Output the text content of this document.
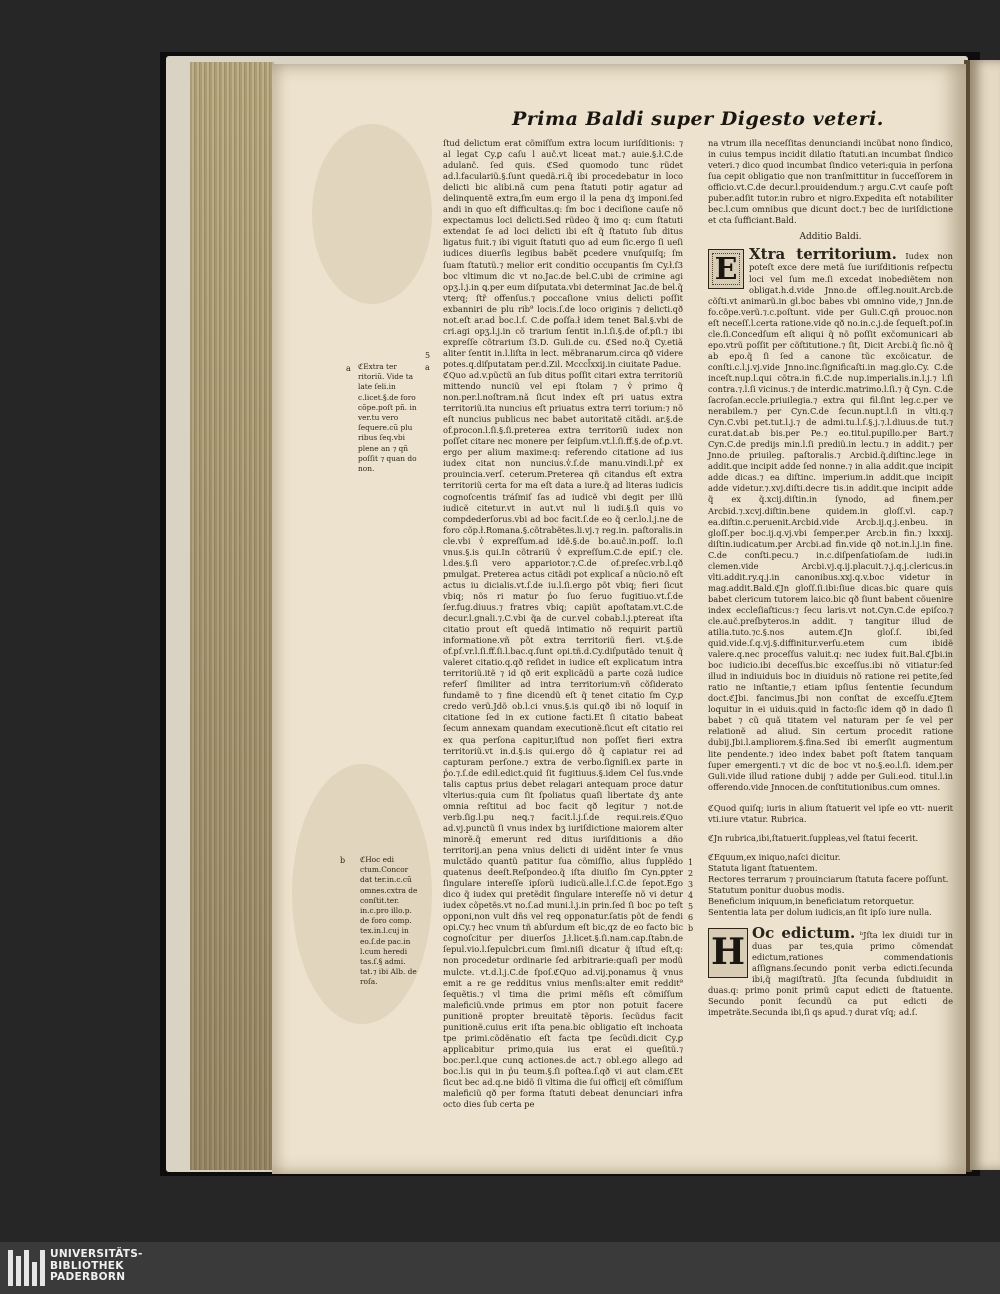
Prima Baldi super Digesto veteri.
a
5
a
ℭExtra ter ritoriũ. Vide ta late ſeli.in c.licet.§.de foro cõpe.poſt pñ. in ver.tu vero ſequere.cũ plu ribus ſeq.vbi plene an ⁊ qñ poſſit ⁊ quan do non.
b ℭHoc edi ctum.Concor dat ter.in.c.cũ omnes.cxtra de conſtit.ter. in.c.pro illo.p. de foro comp. tex.in.l.cuj in eo.ſ.de pac.in l.cum heredi tas.ſ.§ admi. tat.⁊ ibi Alb. de roſa.

ſtud delictum erat cõmiſſum extra locum iuriſditionis: ⁊ al legat Cy.ꝑ caſu l auč.vt liceat mat.⁊ auie.§.ł.C.de adulanč. ſed quis. ℭSed quomodo tunc rũdet ad.l.faculariũ.§.ſunt quedã.ri.q̃ ibi procedebatur in loco delicti bic alibi.nã cum pena ſtatuti potiŗ agatur ad delinquentẽ extra,ſm eum ergo il la pena dʒ imponi.ſed andi in quo eſt difficultas.q: ſm boc i deciſione cauſe nõ expectamus loci delicti.Sed rũdeo q̃ imo q: cum ſtatuti extendat ſe ad loci delicti ibi eſt q̃ ſtatuto ſub ditus ligatus fuit.⁊ ibi viguit ſtatuti quo ad eum ſic.ergo ſi ueſi iudices diuerſis legibus babẽt ꝑcedere vnuſquiſq; ſm ſuam ſtatutũ.⁊ melior erit conditio occupantis ſm Cy.ł.ſ3 boc vltimum dic vt no.Jac.de bel.C.ubi de crimine agi opʒ.l.j.in ꝗ.per eum diſputata.vbi determinat Jac.de bel.q̃ vterq; ſtr̃ offenſus.⁊ ꝑoccaſione vnius delicti poſſit exbanniri de plu rib⁹ locis.ſ.de loco originis ⁊ delicti.qð not.eſt ar.ad boc.l.ſ. C.de ꝑoſſa.ł idem tenet Bal.§.vbi de cri.agi opʒ.l.j.in cõ trarium ſentit in.l.ſi.§.de of.pſi.⁊ ibi expreſſe cõtrarium ſ3.D. Guli.de cu. ℭSed no.q̃ Cy.etiã aliter ſentit in.l.liſta in lect. mẽbranarum.circa qð videre potes.q.diſputatam per.d.Zil. Mcccl̃xxij.in ciuitate Padue.

ℭQuo ad.v.pũctũ an ſub ditus poſſit citari extra territoriũ mittendo nunciũ vel epi ſtolam ⁊ v̾ primo q̃ non.per.l.noſtram.nã ſicut index eſt pri uatus extra territoriũ.ita nuncius eſt priuatus extra terri torium:⁊ nõ eſt nuncius publicus nec babet autoritatẽ citãdi. ar.§.de of.procon.l.ſi.§.ſi.preterea extra territoriũ iudex non poſſet citare nec monere per ſeipſum.vt.l.ſi.ff.§.de of.ꝑ.vt. ergo per alium maxime:q: referendo citatione ad ius iudex citat non nuncius.v̾.ſ.de manu.vindi.l.pr̾ ex prouincia.verſ. ceterum.Preterea qñ citandus eſt extra territoriũ certa for ma eſt data a iure.q̃ ad literas iudicis cognoſcentis tráſmiſ ſas ad iudicẽ vbi degit per illũ iudicẽ citetur.vt in aut.vt nul li iudi.§.ſi quis vo compdederſorus.vbi ad boc facit.ſ.de eo q̃ cer.lo.l.j.ne de foro cõp.ł.Romana.§.cõtrabẽtes.li.vj.⁊ reg.in. paſtoralis.in cle.vbi v̾ expreſſum.ad idẽ.§.de bo.auč.in.poſſ. lo.ſi vnus.§.is qui.In cõtrariũ v̾ expreſſum.C.de epiſ.⁊ cle. l.des.§.ſi vero appariotor.⁊.C.de of.preſec.vrb.l.qð pmulgat. Preterea actus citãdi pot explicaſ a nũcio.nõ eſt actus iu dicialis.vt.ſ.de iu.l.ſi.ergo põt vbiq; fieri ſicut vbiq; nõs ri matur p̾o ſuo ſeruo fugitiuo.vt.ſ.de ſer.fug.diuus.⁊ fratres vbiq; capiũt apoſtatam.vt.C.de decur.l.gnali.⁊.C.vbi q̃a de cur.vel cobab.l.j.ptereat iſta citatio prout eſt quedã intimatio nõ requirit partiũ informatione.vñ põt extra territoriũ fieri. vt.§.de of.pſ.vr.l.ſi.ff.ſi.l.bac.q.ſunt opi.tñ.d.Cy.diſputãdo tenuit q̃ valeret citatio.q.qð reſidet in iudice eſt explicatum intra territoriũ.itẽ ⁊ id qð erit explicãdũ a parte cozã iudice referſ ſimiliter ad intra territorium:vñ cõſiderato fundamẽ to ⁊ fine dicendũ eſt q̃ tenet citatio ſm Cy.ꝑ credo verũ.Jdõ ob.l.ci vnus.§.is qui.qð ibi nõ loquiſ in citatione ſed in ex cutione facti.Et ſi citatio babeat ſecum annexam quandam executionẽ.ſicut eſt citatio rei ex qua perſona capitur,iſtud non poſſet fieri extra territoriũ.vt in.d.§.is qui.ergo dõ q̃ capiatur rei ad capturam perſone.⁊ extra de verbo.ſigniſi.ex parte in p̾o.⁊.ſ.de edil.edict.quid ſit fugitiuus.§.idem Cel ſus.vnde talis captus prius debet relagari antequam proce datur vlterius:quia cum ſit ſpoliatus quaſi libertate dʒ ante omnia reſtitui ad boc facit qð legitur ⁊ not.de verb.ſig.l.pu neꝗ.⁊ facit.l.j.ſ.de requi.reis.ℭQuo ad.vj.punctũ ſi vnus index bʒ iuriſdictione maiorem alter minorẽ.q̃ emerunt red ditus iuriſditionis a dño territorij.an pena vnius delicti di uidẽnt inter ſe vnus mulctãdo quantũ patitur ſua cõmiſſio, alius ſupplẽdo quatenus deeſt.Reſpondeo.q̃ iſta diuiſio ſm Cyn.ꝑpter ſingulare intereſſe ipſorũ iudicũ.alle.l.ſ.C.de ſepot.Ego dico q̃ iudex qui pretẽdit ſingulare intereſſe nõ vi detur iudex cõpetẽs.vt no.ſ.ad muni.l.j.in prin.ſed ſi boc po teſt opponi,non vult dñs vel reꝗ opponatur.ſatis põt de fendi opi.Cy.⁊ hec vnum tñ abſurdum eſt bic,qz de eo facto bic cognoſcitur per diuerſos J.ł.licet.§.ſi.nam.cap.ſtabn.de ſepul.vio.l.ſepulcbri.cum ſimi.niſi dicatur q̃ iſtud eſt,q: non procedetur ordinarie ſed arbitrarie:quaſi per modũ mulcte. vt.d.l.j.C.de ſpoſ.ℭQuo ad.vij.ponamus q̃ vnus emit a re ge redditus vnius menſis:alter emit reddit⁹ ſequẽtis.⁊ vl tima die primi mẽſis eſt cõmiſſum maleficiũ.vnde primus em ptor non potuit facere punitionẽ propter breuitatẽ tẽporis. ſecũdus facit punitionẽ.cuius erit iſta pena.bic obligatio eſt inchoata tpe primi.cõdẽnatio eſt facta tpe ſecũdi.dicit Cy.ꝑ applicabitur primo,quia ius erat ei queſitũ.⁊ boc.per.l.que cunꝗ actiones.de act.⁊ obl.ego allego ad boc.l.is qui in p̾u teum.§.ſi poſtea.ſ.qð vi aut clam.ℭEt ſicut bec ad.q.ne bidõ ſi vltima die ſui officij eſt cõmiſſum maleficiũ qð per forma ſtatuti debeat denunciari infra octo dies ſub certa pe

na vtrum illa neceſſitas denunciandi incũbat nono ſindico, in cuius tempus incidit dilatio ſtatuti.an incumbat ſindico veteri.⁊ dico quod incumbat ſindico veteri:quia in perſona ſua cepit obligatio que non tranſmittitur in ſucceſſorem in officio.vt.C.de decur.l.prouidendum.⁊ argu.C.vt cauſe poſt puber.adſit tutor.in rubro et nigro.Expedita eſt notabiliter bec.l.cum omnibus que dicunt doct.⁊ bec de iuriſdictione et cta ſufficiant.Bald.

Additio Baldi.

E Xtra territorium. Iudex non poteſt exce dere metã ſue iuriſditionis reſpectu loci vel ſum me.ſi excedat inobediẽtem non obligat.h.d.vide Jnno.de off.leg.nouit.Arcb.de cõſti.vt animarũ.in gl.boc babes vbi omnino vide,⁊ Jnn.de fo.cõpe.verũ.⁊.c.poſtunt. vide per Guli.C.qñ prouoc.non eſt neceſſ.l.certa ratione.vide qð no.in.c.j.de ſequeſt.poſ.in cle.ſi.Concedſum eſt aliqui q̃ nõ poſſit exc̃omunicari ab epo.vtrũ poſſit per cõſtitutione.⁊ ſit, Dicit Arcbi.q̃ ſic.nõ q̃ ab epo.q̃ ſi ſed a canone tũc excõicatur. de conſti.c.l.j.vj.vide Jnno.inc.ſignificaſti.in mag.glo.Cy. C.de inceſt.nup.l.qui cõtra.in fi.C.de nup.imperialis.in.l.j.⁊ l.ſi contra.⁊.l.ſi vicinus.⁊ de interdic.matrimo.l.ſi.⁊ q̃ Cyn. C.de ſacroſan.eccle.priuilegia.⁊ extra qui fil.ſint leg.c.per ve nerabilem.⁊ per Cyn.C.de ſecun.nupt.l.ſi in vlti.q.⁊ Cyn.C.vbi pet.tut.l.j.⁊ de admi.tu.l.ſ.§.j.⁊.l.diuus.de tut.⁊ curat.dat.ab bis.per Pe.⁊ eo.titul.pupillo.per Bart.⁊ Cyn.C.de predijs min.l.ſi prediũ.in lectu.⁊ in addit.⁊ per Jnno.de priuileg. paſtoralis.⁊ Arcbid.q̃.diſtinc.lege in addit.que incipit adde ſed nonne.⁊ in alia addit.que incipit adde dicas.⁊ ea diſtinc. imperium.in addit.que incipit adde videtur.⁊.xvj.diſti.decre tis.in addit.que incipit adde q̃ ex q̃.xcij.diſtin.in ſynodo, ad finem.per Arcbid.⁊.xcvj.diſtin.bene quidem.in gloſſ.vl. cap.⁊ ea.diſtin.c.peruenit.Arcbid.vide Arcb.ij.q.j.enbeu. in gloſſ.per boc.ij.q.vj.vbi ſemper.per Arcb.in fin.⁊ lxxxij. diſtin.iudicatum.per Arcbi.ad fin.vide qð not.in.l.j.in fine. C.de conſti.pecu.⁊ in.c.diſpenſatioſam.de iudi.in clemen.vide Arcbi.vj.q.ij.placuit.⁊.j.q.j.clericus.in vlti.addit.ry.q.j.in canonibus.xxj.q.v.boc videtur in mag.addit.Bald.ℭJn gloſſ.ſi.ibi:ſiue dicas.bic quare quis babet clericum tutorem laico.bic qð ſiunt babent cõuenire index eccleſiaſticus:⁊ ſecu laris.vt not.Cyn.C.de epiſco.⁊ cle.auč.preſbyteros.in addit. ⁊ tangitur illud de atilia.tuto.⁊c.§.nos autem.ℭJn gloſ.ſ. ibi,ſed quid.vide.ſ.q.vj.§.diffinitur.verſu.etem cum ibidẽ valere.q.nec proceſſus valuit.q: nec iudex fuit.Bal.ℭJbi.in boc iudicio.ibi deceſſus.bic exceſſus.ibi nõ vitiatur:ſed illud in indiuiduis boc in diuiduis nõ ratione rei petite,ſed ratio ne inſtantie,⁊ etiam ipſius ſententie ſecundum doct.ℭJbi. fancimus.Jbi non conſtat de exceſſu.ℭJtem loquitur in ei uiduis.quid in facto:ſic idem qð in dado ſi babet ⁊ cũ quã titatem vel naturam per ſe vel per relationẽ ad aliud. Sin certum procedit ratione dubij.Jbi.l.ampliorem.§.fina.Sed ibi emerſit augmentum lite pendente.⁊ ideo index babet poſt ſtatem tanquam ſuper emergenti.⁊ vt dic de boc vt no.§.eo.l.ſi. idem.per Guli.vide illud ratione dubij ⁊ adde per Guli.eod. titul.l.in offerendo.vide Jnnocen.de conſtitutionibus.cum omnes.

ℭQuod quiſq; iuris in alium ſtatuerit vel ipſe eo vtt- nuerit vti.iure vtatur. Rubrica.

ℭJn rubrica,ibi,ſtatuerit.ſuppleas,vel ſtatui fecerit.

ℭEquum,ex iniquo,naſci dicitur.
Statuta ligant ſtatuentem.
Rectores terrarum ⁊ prouinciarum ſtatuta facere poſſunt.
Statutum ponitur duobus modis.
Beneficium iniquum,in beneficiatum retorquetur.
Sententia lata per dolum iudicis,an ſit ipſo iure nulla.

H Oc edictum. ᵇJſta lex diuidi tur in duas par tes,quia primo cõmendat edictum,rationes commendationis aſſignans.ſecundo ponit verba edicti.ſecunda ibi,q̃ magiſtratũ. Jſta ſecunda ſubdiuidit in duas.q: primo ponit primũ caput edicti de ſtatuente. Secundo ponit ſecundũ ca put edicti de impetrãte.Secunda ibi,ſi qs apud.⁊ durat vſq; ad.ſ.

1
2
3
4
5
6
b
UNIVERSITÄTS-
BIBLIOTHEK
PADERBORN
